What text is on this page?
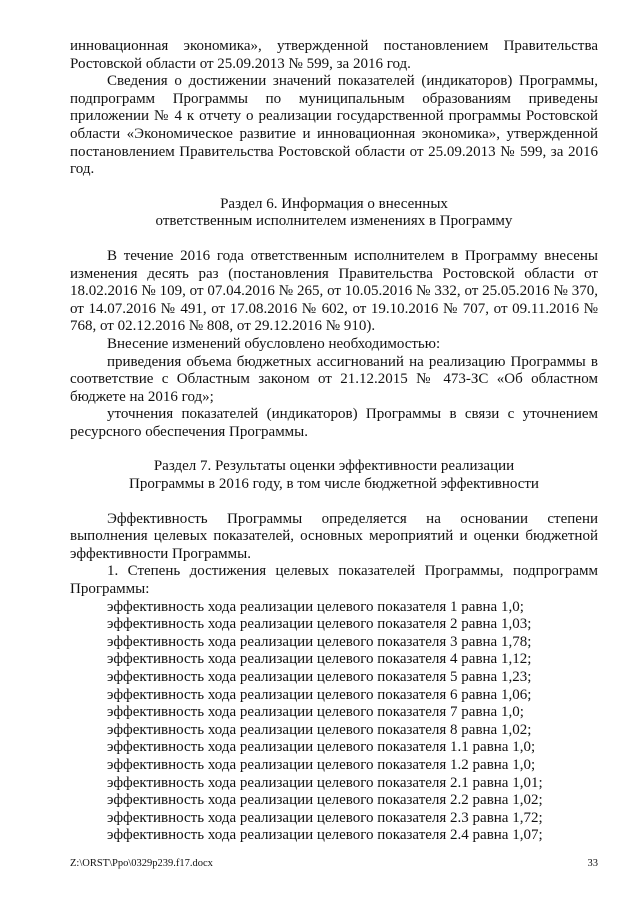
инновационная экономика», утвержденной постановлением Правительства Ростовской области от 25.09.2013 № 599, за 2016 год.

Сведения о достижении значений показателей (индикаторов) Программы, подпрограмм Программы по муниципальным образованиям приведены приложении № 4 к отчету о реализации государственной программы Ростовской области «Экономическое развитие и инновационная экономика», утвержденной постановлением Правительства Ростовской области от 25.09.2013 № 599, за 2016 год.

Раздел 6. Информация о внесенных

ответственным исполнителем изменениях в Программу

В течение 2016 года ответственным исполнителем в Программу внесены изменения десять раз (постановления Правительства Ростовской области от 18.02.2016 № 109, от 07.04.2016 № 265, от 10.05.2016 № 332, от 25.05.2016 № 370, от 14.07.2016 № 491, от 17.08.2016 № 602, от 19.10.2016 № 707, от 09.11.2016 № 768, от 02.12.2016 № 808, от 29.12.2016 № 910).

Внесение изменений обусловлено необходимостью:

приведения объема бюджетных ассигнований на реализацию Программы в соответствие с Областным законом от 21.12.2015 № 473-ЗС «Об областном бюджете на 2016 год»;

уточнения показателей (индикаторов) Программы в связи с уточнением ресурсного обеспечения Программы.

Раздел 7. Результаты оценки эффективности реализации

Программы в 2016 году, в том числе бюджетной эффективности

Эффективность Программы определяется на основании степени выполнения целевых показателей, основных мероприятий и оценки бюджетной эффективности Программы.

1. Степень достижения целевых показателей Программы, подпрограмм Программы:

эффективность хода реализации целевого показателя 1 равна 1,0;
эффективность хода реализации целевого показателя 2 равна 1,03;
эффективность хода реализации целевого показателя 3 равна 1,78;
эффективность хода реализации целевого показателя 4 равна 1,12;
эффективность хода реализации целевого показателя 5 равна 1,23;
эффективность хода реализации целевого показателя 6 равна 1,06;
эффективность хода реализации целевого показателя 7 равна 1,0;
эффективность хода реализации целевого показателя 8 равна 1,02;
эффективность хода реализации целевого показателя 1.1 равна 1,0;
эффективность хода реализации целевого показателя 1.2 равна 1,0;
эффективность хода реализации целевого показателя 2.1 равна 1,01;
эффективность хода реализации целевого показателя 2.2 равна 1,02;
эффективность хода реализации целевого показателя 2.3 равна 1,72;
эффективность хода реализации целевого показателя 2.4 равна 1,07;
Z:\ORST\Ppo\0329p239.f17.docx	33
